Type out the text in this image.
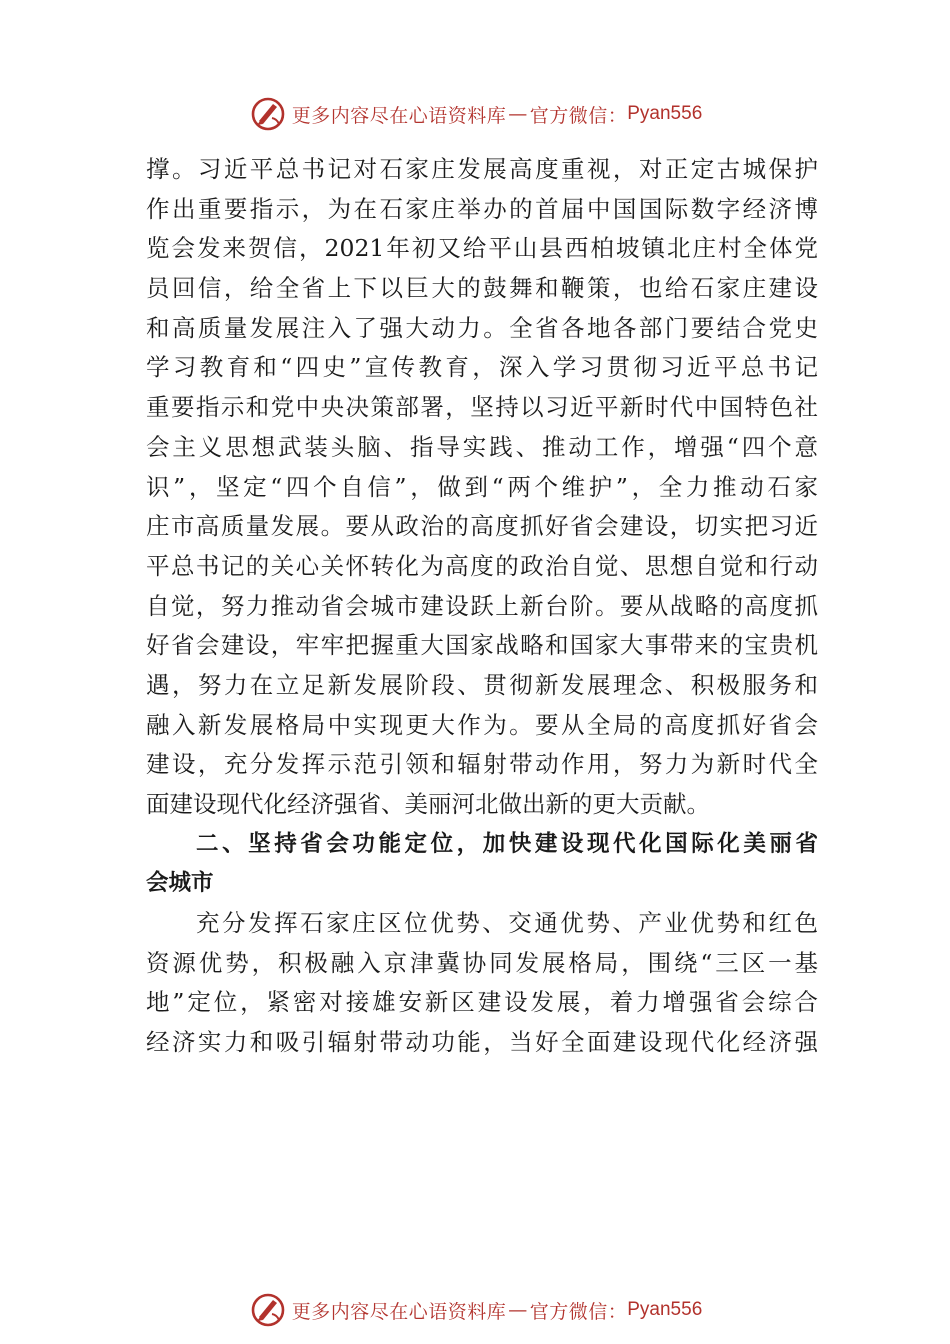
更多内容尽在心语资料库 — 官方微信： Pyan556
撑。习近平总书记对石家庄发展高度重视，对正定古城保护
作出重要指示，为在石家庄举办的首届中国国际数字经济博
览会发来贺信，2021年初又给平山县西柏坡镇北庄村全体党
员回信，给全省上下以巨大的鼓舞和鞭策，也给石家庄建设
和高质量发展注入了强大动力。全省各地各部门要结合党史
学习教育和“四史”宣传教育，深入学习贯彻习近平总书记
重要指示和党中央决策部署，坚持以习近平新时代中国特色社
会主义思想武装头脑、指导实践、推动工作，增强“四个意
识”，坚定“四个自信”，做到“两个维护”，全力推动石家
庄市高质量发展。要从政治的高度抓好省会建设，切实把习近
平总书记的关心关怀转化为高度的政治自觉、思想自觉和行动
自觉，努力推动省会城市建设跃上新台阶。要从战略的高度抓
好省会建设，牢牢把握重大国家战略和国家大事带来的宝贵机
遇，努力在立足新发展阶段、贯彻新发展理念、积极服务和
融入新发展格局中实现更大作为。要从全局的高度抓好省会
建设，充分发挥示范引领和辐射带动作用，努力为新时代全
面建设现代化经济强省、美丽河北做出新的更大贡献。
二、坚持省会功能定位，加快建设现代化国际化美丽省
会城市
充分发挥石家庄区位优势、交通优势、产业优势和红色
资源优势，积极融入京津冀协同发展格局，围绕“三区一基
地”定位，紧密对接雄安新区建设发展，着力增强省会综合
经济实力和吸引辐射带动功能，当好全面建设现代化经济强
更多内容尽在心语资料库 — 官方微信： Pyan556
